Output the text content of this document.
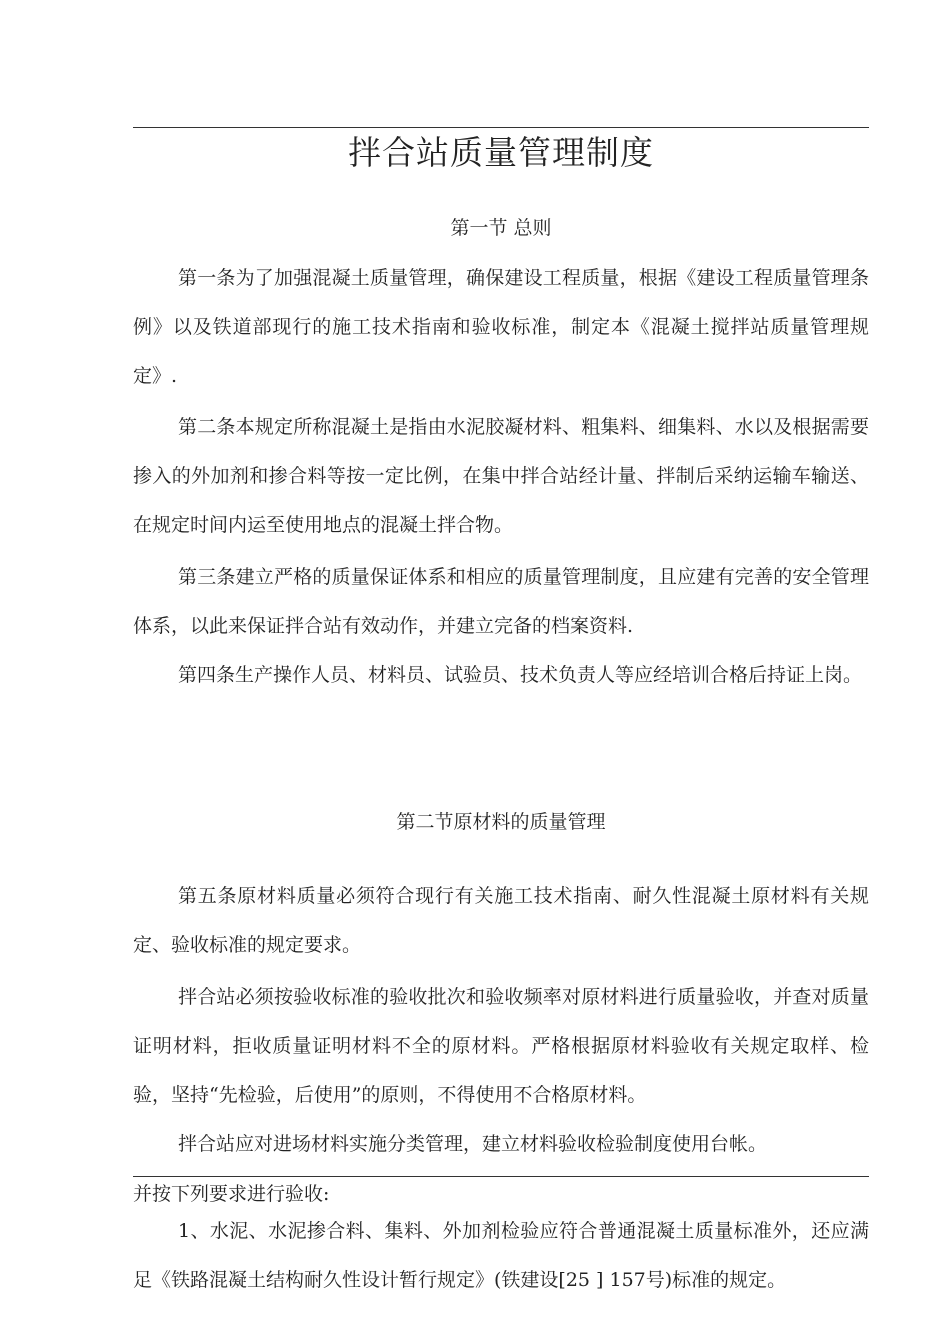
拌合站质量管理制度
第一节 总则

第一条为了加强混凝土质量管理，确保建设工程质量，根据《建设工程质量管理条例》以及铁道部现行的施工技术指南和验收标准，制定本《混凝土搅拌站质量管理规定》.

第二条本规定所称混凝土是指由水泥胶凝材料、粗集料、细集料、水以及根据需要掺入的外加剂和掺合料等按一定比例，在集中拌合站经计量、拌制后采纳运输车输送、在规定时间内运至使用地点的混凝土拌合物。

第三条建立严格的质量保证体系和相应的质量管理制度，且应建有完善的安全管理体系，以此来保证拌合站有效动作，并建立完备的档案资料.

第四条生产操作人员、材料员、试验员、技术负责人等应经培训合格后持证上岗。

第二节原材料的质量管理

第五条原材料质量必须符合现行有关施工技术指南、耐久性混凝土原材料有关规定、验收标准的规定要求。

拌合站必须按验收标准的验收批次和验收频率对原材料进行质量验收，并查对质量证明材料，拒收质量证明材料不全的原材料。严格根据原材料验收有关规定取样、检验，坚持“先检验，后使用”的原则，不得使用不合格原材料。

拌合站应对进场材料实施分类管理，建立材料验收检验制度使用台帐。

并按下列要求进行验收:

1、水泥、水泥掺合料、集料、外加剂检验应符合普通混凝土质量标准外，还应满足《铁路混凝土结构耐久性设计暂行规定》(铁建设[25 ] 157号)标准的规定。
